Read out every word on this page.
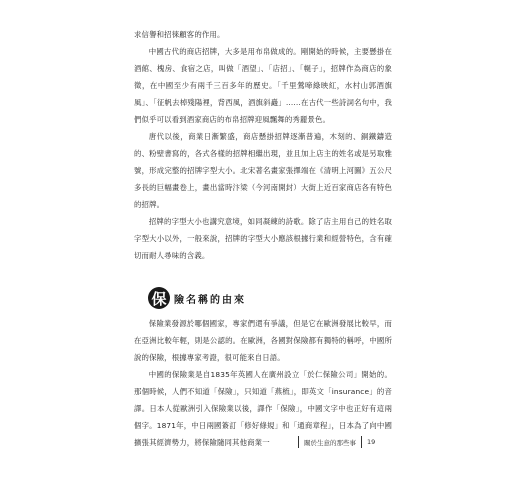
求信譽和招徠顧客的作用。

中國古代的商店招牌，大多是用布帛做成的。剛開始的時候，主要懸掛在酒館、槐房、食宿之店，叫做「酒望」、「店招」、「幌子」，招牌作為商店的象徵，在中國至少有兩千三百多年的歷史。「千里鶯啼綠映紅，水村山郭酒旗風」、「征帆去棹殘陽裡，背西風，酒旗斜矗」……在古代一些詩詞名句中，我們似乎可以看到酒家商店的布帛招牌迎風飄舞的秀麗景色。

唐代以後，商業日漸繁盛，商店懸掛招牌逐漸普遍，木刻的、銅鐵鑄造的、粉壁書寫的，各式各樣的招牌相繼出現，並且加上店主的姓名或是另取雅號，形成完整的招牌字型大小。北宋著名畫家張擇端在《清明上河圖》五公尺多長的巨幅畫卷上，畫出當時汴梁（今河南開封）大街上近百家商店各有特色的招牌。

招牌的字型大小也講究意境，如同凝練的詩歌。除了店主用自己的姓名取字型大小以外，一般來說，招牌的字型大小應該根據行業和經營特色，含有確切而耐人尋味的含義。

保 險名稱的由來

保險業發源於哪個國家，專家們還有爭議，但是它在歐洲發展比較早，而在亞洲比較年輕，則是公認的。在歐洲，各國對保險都有獨特的稱呼，中國所說的保險，根據專家考證，很可能來自日語。

中國的保險業是自1835年英國人在廣州設立「於仁保險公司」開始的。那個時候，人們不知道「保險」，只知道「燕梳」，即英文「insurance」的音譯。日本人從歐洲引入保險業以後，譯作「保險」，中國文字中也正好有這兩個字。1871年，中日兩國簽訂「修好條規」和「通商章程」，日本為了向中國擴張其經濟勢力，將保險隨同其他商業一	關於生意的那些事 19
